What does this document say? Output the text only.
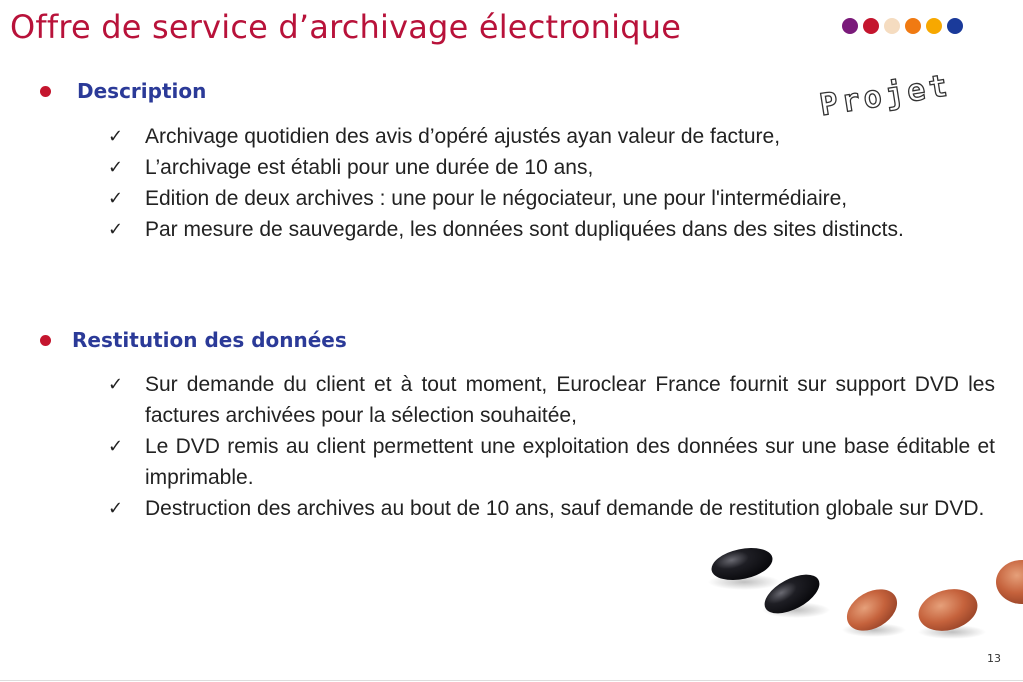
Offre de service d’archivage électronique
Projet
Description
✓	Archivage quotidien des avis d’opéré ajustés ayan valeur de facture,
✓	L’archivage est établi pour une durée de 10 ans,
✓	Edition de deux archives : une pour le négociateur, une pour l'intermédiaire,
✓	Par mesure de sauvegarde, les données sont dupliquées dans des sites distincts.
Restitution des données
✓	Sur demande du client et à tout moment, Euroclear France fournit sur support DVD les factures archivées pour la sélection souhaitée,
✓	Le DVD remis au client permettent une exploitation des données sur une base éditable et imprimable.
✓	Destruction des archives au bout de 10 ans, sauf demande de restitution globale sur DVD.
13
